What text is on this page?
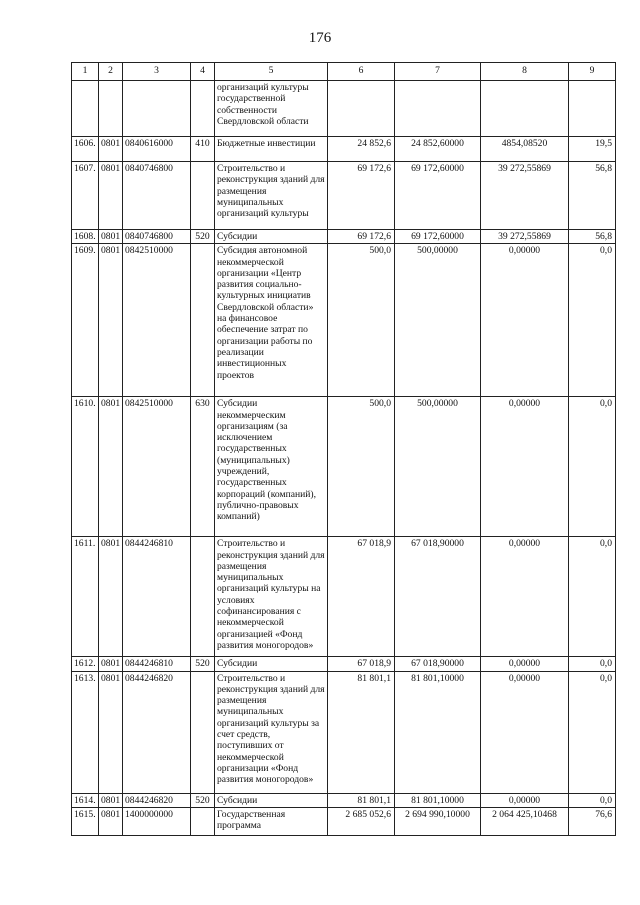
176
1	2	3	4	5	6	7	8	9
				организаций культуры государственной собственности Свердловской области				
1606.	0801	0840616000	410	Бюджетные инвестиции	24 852,6	24 852,60000	4854,08520	19,5
1607.	0801	0840746800		Строительство и реконструкция зданий для размещения муниципальных организаций культуры	69 172,6	69 172,60000	39 272,55869	56,8
1608.	0801	0840746800	520	Субсидии	69 172,6	69 172,60000	39 272,55869	56,8
1609.	0801	0842510000		Субсидия автономной некоммерческой организации «Центр развития социально-культурных инициатив Свердловской области» на финансовое обеспечение затрат по организации работы по реализации инвестиционных проектов	500,0	500,00000	0,00000	0,0
1610.	0801	0842510000	630	Субсидии некоммерческим организациям (за исключением государственных (муниципальных) учреждений, государственных корпораций (компаний), публично-правовых компаний)	500,0	500,00000	0,00000	0,0
1611.	0801	0844246810		Строительство и реконструкция зданий для размещения муниципальных организаций культуры на условиях софинансирования с некоммерческой организацией «Фонд развития моногородов»	67 018,9	67 018,90000	0,00000	0,0
1612.	0801	0844246810	520	Субсидии	67 018,9	67 018,90000	0,00000	0,0
1613.	0801	0844246820		Строительство и реконструкция зданий для размещения муниципальных организаций культуры за счет средств, поступивших от некоммерческой организации «Фонд развития моногородов»	81 801,1	81 801,10000	0,00000	0,0
1614.	0801	0844246820	520	Субсидии	81 801,1	81 801,10000	0,00000	0,0
1615.	0801	1400000000		Государственная программа	2 685 052,6	2 694 990,10000	2 064 425,10468	76,6
